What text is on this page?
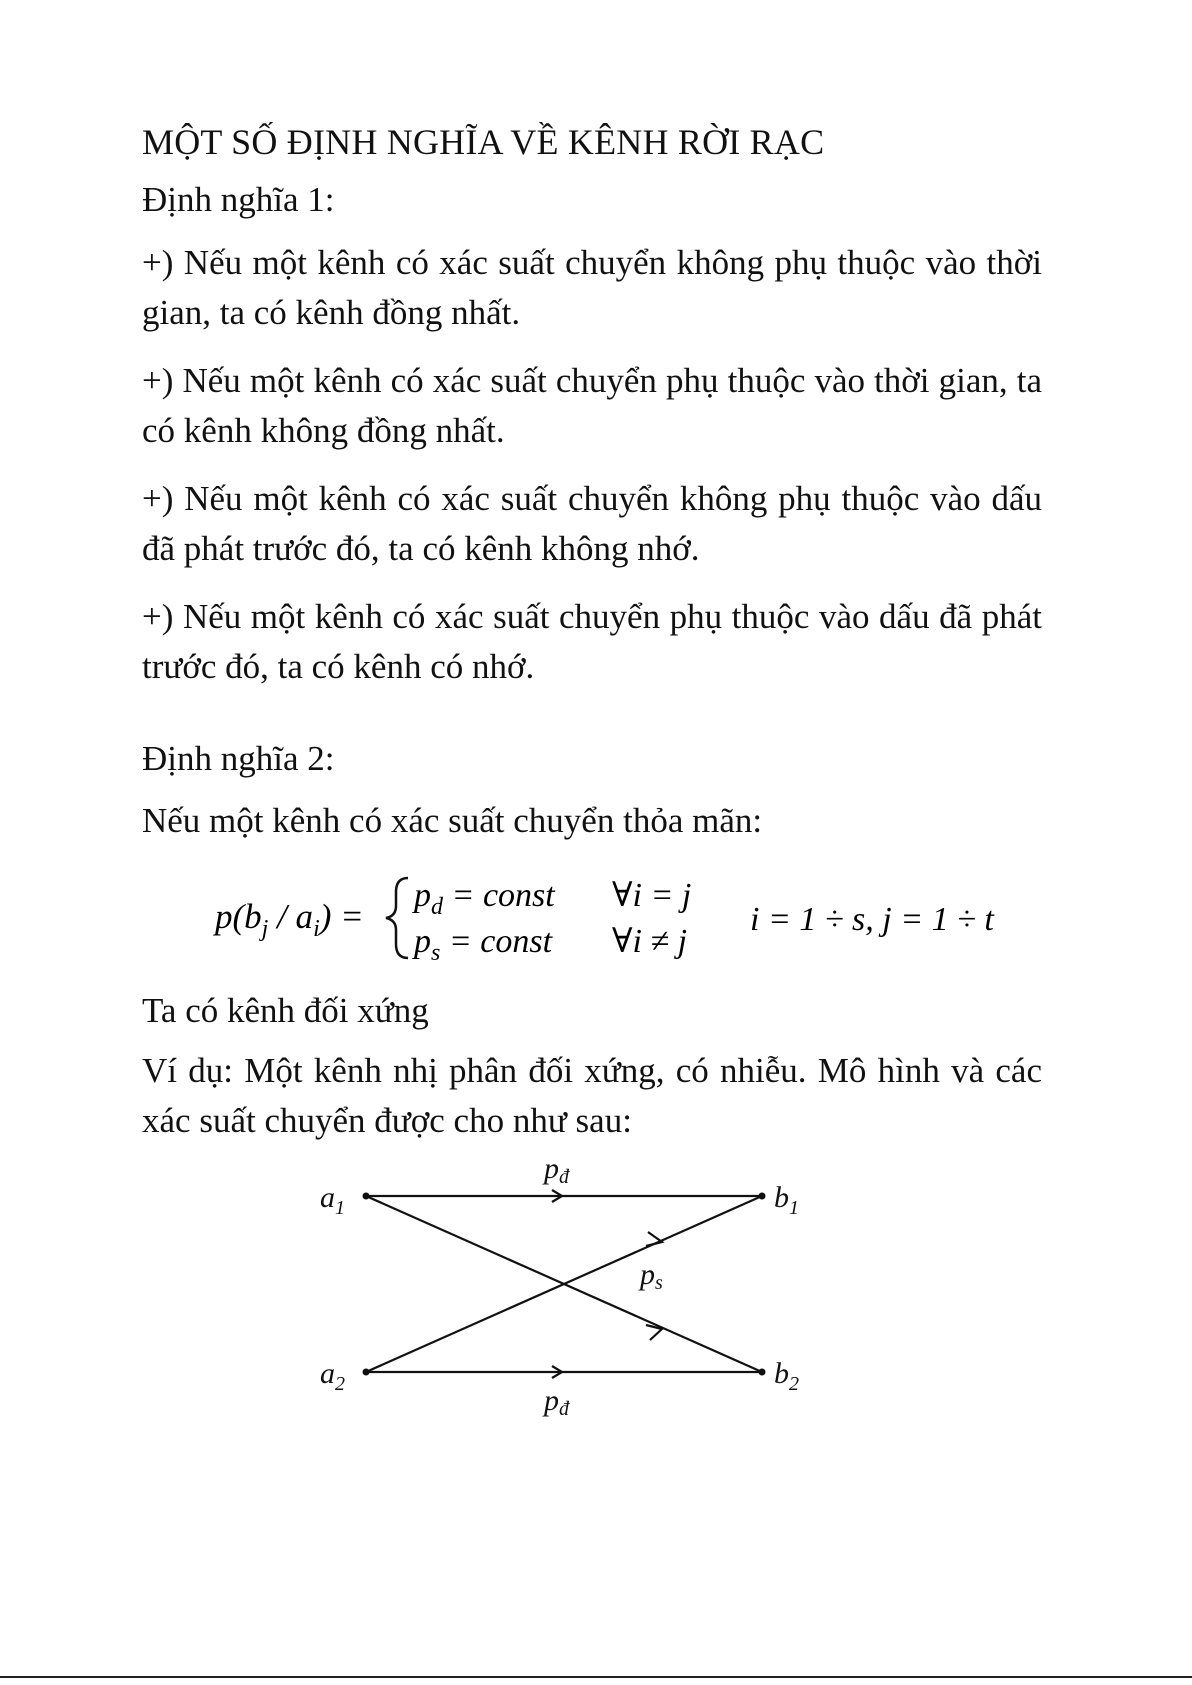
MỘT SỐ ĐỊNH NGHĨA VỀ KÊNH RỜI RẠC
Định nghĩa 1:
+) Nếu một kênh có xác suất chuyển không phụ thuộc vào thời gian, ta có kênh đồng nhất.
+) Nếu một kênh có xác suất chuyển phụ thuộc vào thời gian, ta có kênh không đồng nhất.
+) Nếu một kênh có xác suất chuyển không phụ thuộc vào dấu đã phát trước đó, ta có kênh không nhớ.
+) Nếu một kênh có xác suất chuyển phụ thuộc vào dấu đã phát trước đó, ta có kênh có nhớ.
Định nghĩa 2:
Nếu một kênh có xác suất chuyển thỏa mãn:
$p(b_j / a_i)$ =
$p_d$ = const ∀i = j
$p_s$ = const ∀i ≠ j
i = 1 ÷ s, j = 1 ÷ t
Ta có kênh đối xứng
Ví dụ: Một kênh nhị phân đối xứng, có nhiễu. Mô hình và các xác suất chuyển được cho như sau:
$a_1$
$a_2$
$b_1$
$b_2$
pđ
pđ
ps
